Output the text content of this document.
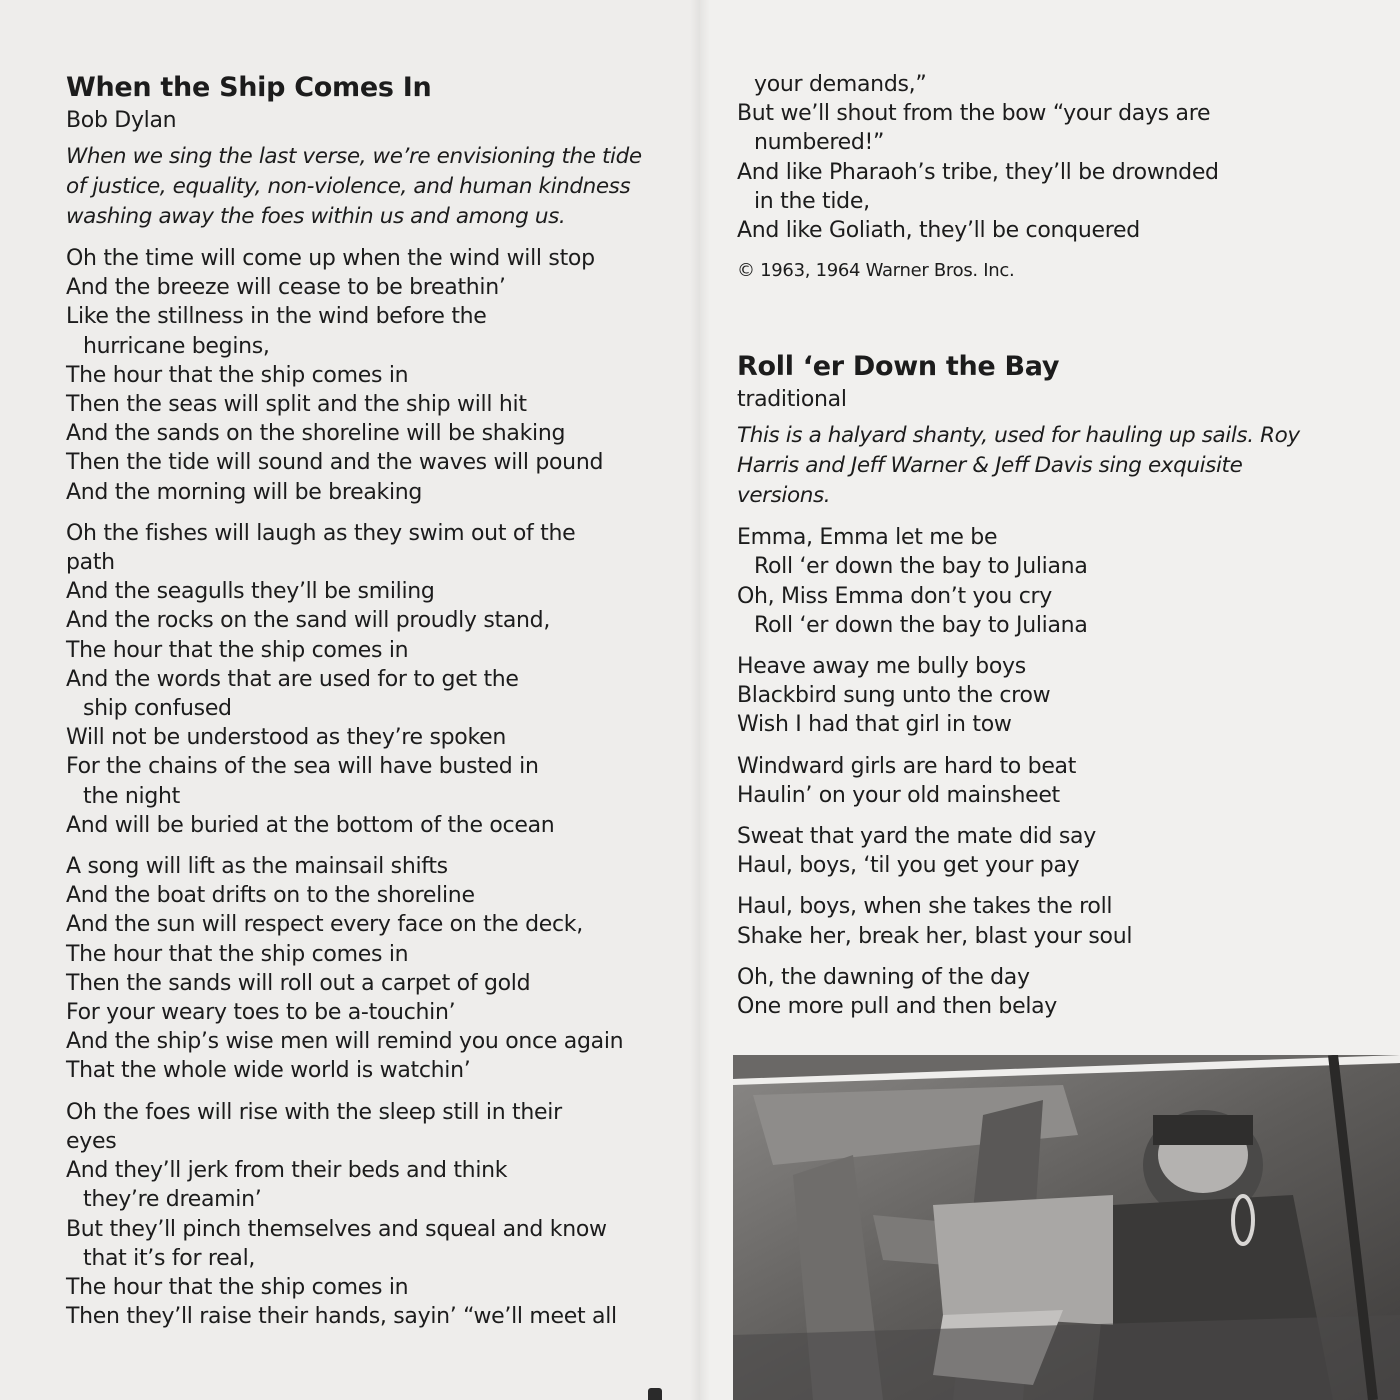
When the Ship Comes In
Bob Dylan
When we sing the last verse, we’re envisioning the tide
of justice, equality, non-violence, and human kindness
washing away the foes within us and among us.
Oh the time will come up when the wind will stop
And the breeze will cease to be breathin’
Like the stillness in the wind before the
hurricane begins,
The hour that the ship comes in
Then the seas will split and the ship will hit
And the sands on the shoreline will be shaking
Then the tide will sound and the waves will pound
And the morning will be breaking
Oh the fishes will laugh as they swim out of the
path
And the seagulls they’ll be smiling
And the rocks on the sand will proudly stand,
The hour that the ship comes in
And the words that are used for to get the
ship confused
Will not be understood as they’re spoken
For the chains of the sea will have busted in
the night
And will be buried at the bottom of the ocean
A song will lift as the mainsail shifts
And the boat drifts on to the shoreline
And the sun will respect every face on the deck,
The hour that the ship comes in
Then the sands will roll out a carpet of gold
For your weary toes to be a-touchin’
And the ship’s wise men will remind you once again
That the whole wide world is watchin’
Oh the foes will rise with the sleep still in their
eyes
And they’ll jerk from their beds and think
they’re dreamin’
But they’ll pinch themselves and squeal and know
that it’s for real,
The hour that the ship comes in
Then they’ll raise their hands, sayin’ “we’ll meet all
your demands,”
But we’ll shout from the bow “your days are
numbered!”
And like Pharaoh’s tribe, they’ll be drownded
in the tide,
And like Goliath, they’ll be conquered
© 1963, 1964 Warner Bros. Inc.
Roll ‘er Down the Bay
traditional
This is a halyard shanty, used for hauling up sails. Roy
Harris and Jeff Warner & Jeff Davis sing exquisite
versions.
Emma, Emma let me be
Roll ‘er down the bay to Juliana
Oh, Miss Emma don’t you cry
Roll ‘er down the bay to Juliana
Heave away me bully boys
Blackbird sung unto the crow
Wish I had that girl in tow
Windward girls are hard to beat
Haulin’ on your old mainsheet
Sweat that yard the mate did say
Haul, boys, ‘til you get your pay
Haul, boys, when she takes the roll
Shake her, break her, blast your soul
Oh, the dawning of the day
One more pull and then belay
